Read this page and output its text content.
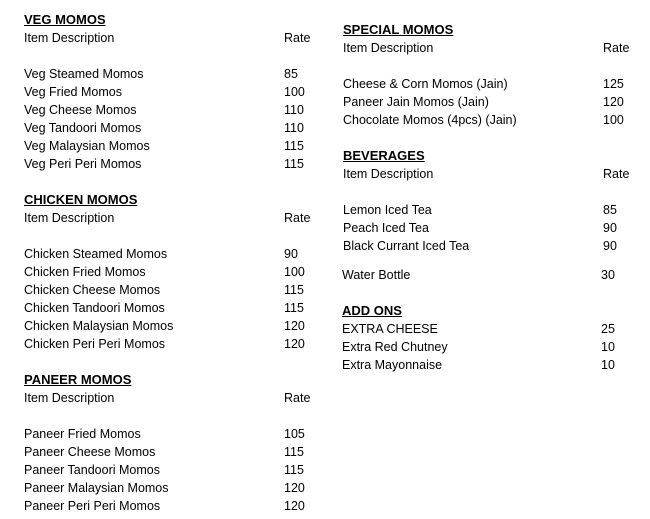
VEG MOMOS
Item Description	Rate
Veg Steamed Momos	85
Veg Fried Momos	100
Veg Cheese Momos	110
Veg Tandoori Momos	110
Veg Malaysian Momos	115
Veg Peri Peri Momos	115
CHICKEN MOMOS
Item Description	Rate
Chicken Steamed Momos	90
Chicken Fried Momos	100
Chicken Cheese Momos	115
Chicken Tandoori Momos	115
Chicken Malaysian Momos	120
Chicken Peri Peri Momos	120
PANEER MOMOS
Item Description	Rate
Paneer Fried Momos	105
Paneer Cheese Momos	115
Paneer Tandoori Momos	115
Paneer Malaysian Momos	120
Paneer Peri Peri Momos	120
SPECIAL MOMOS
Item Description	Rate
Cheese & Corn Momos (Jain)	125
Paneer Jain Momos (Jain)	120
Chocolate Momos (4pcs) (Jain)	100
BEVERAGES
Item Description	Rate
Lemon Iced Tea	85
Peach Iced Tea	90
Black Currant Iced Tea	90
Water Bottle	30
ADD ONS
EXTRA CHEESE	25
Extra Red Chutney	10
Extra Mayonnaise	10
